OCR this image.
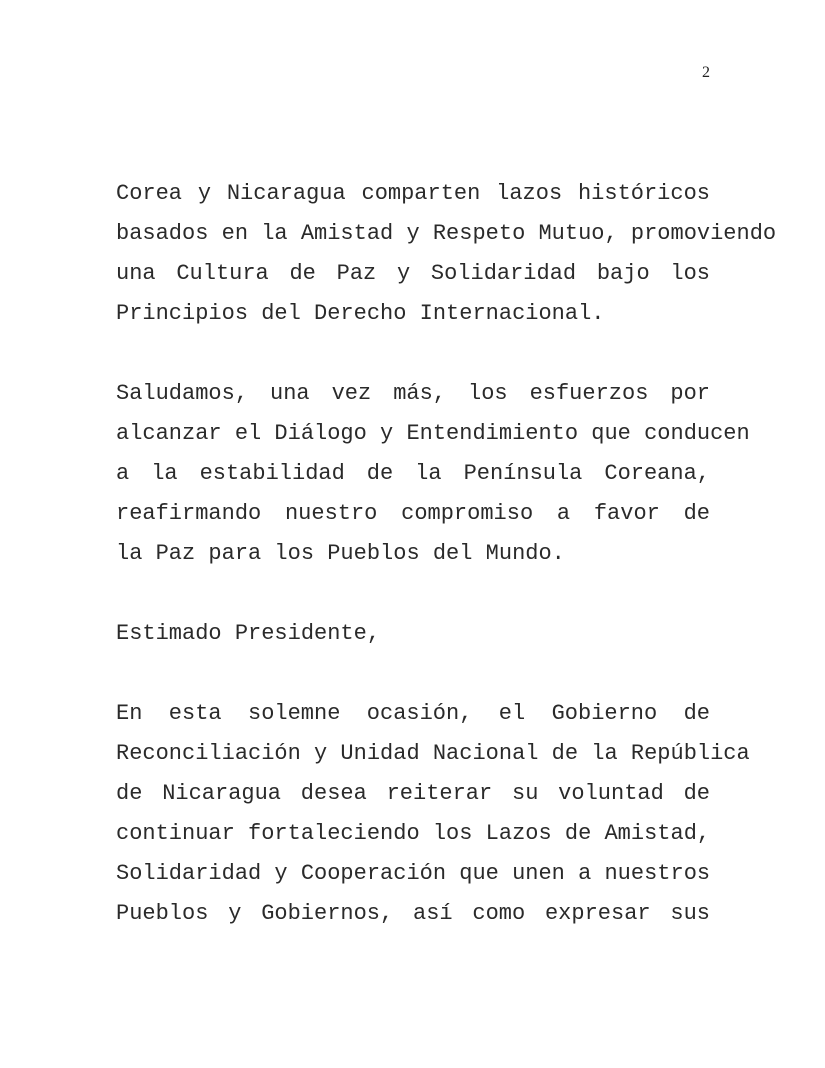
2

Corea y Nicaragua comparten lazos históricos
basados en la Amistad y Respeto Mutuo, promoviendo
una Cultura de Paz y Solidaridad bajo los
Principios del Derecho Internacional.

Saludamos, una vez más, los esfuerzos por
alcanzar el Diálogo y Entendimiento que conducen
a la estabilidad de la Península Coreana,
reafirmando nuestro compromiso a favor de
la Paz para los Pueblos del Mundo.

Estimado Presidente,

En esta solemne ocasión, el Gobierno de
Reconciliación y Unidad Nacional de la República
de Nicaragua desea reiterar su voluntad de
continuar fortaleciendo los Lazos de Amistad,
Solidaridad y Cooperación que unen a nuestros
Pueblos y Gobiernos, así como expresar sus
